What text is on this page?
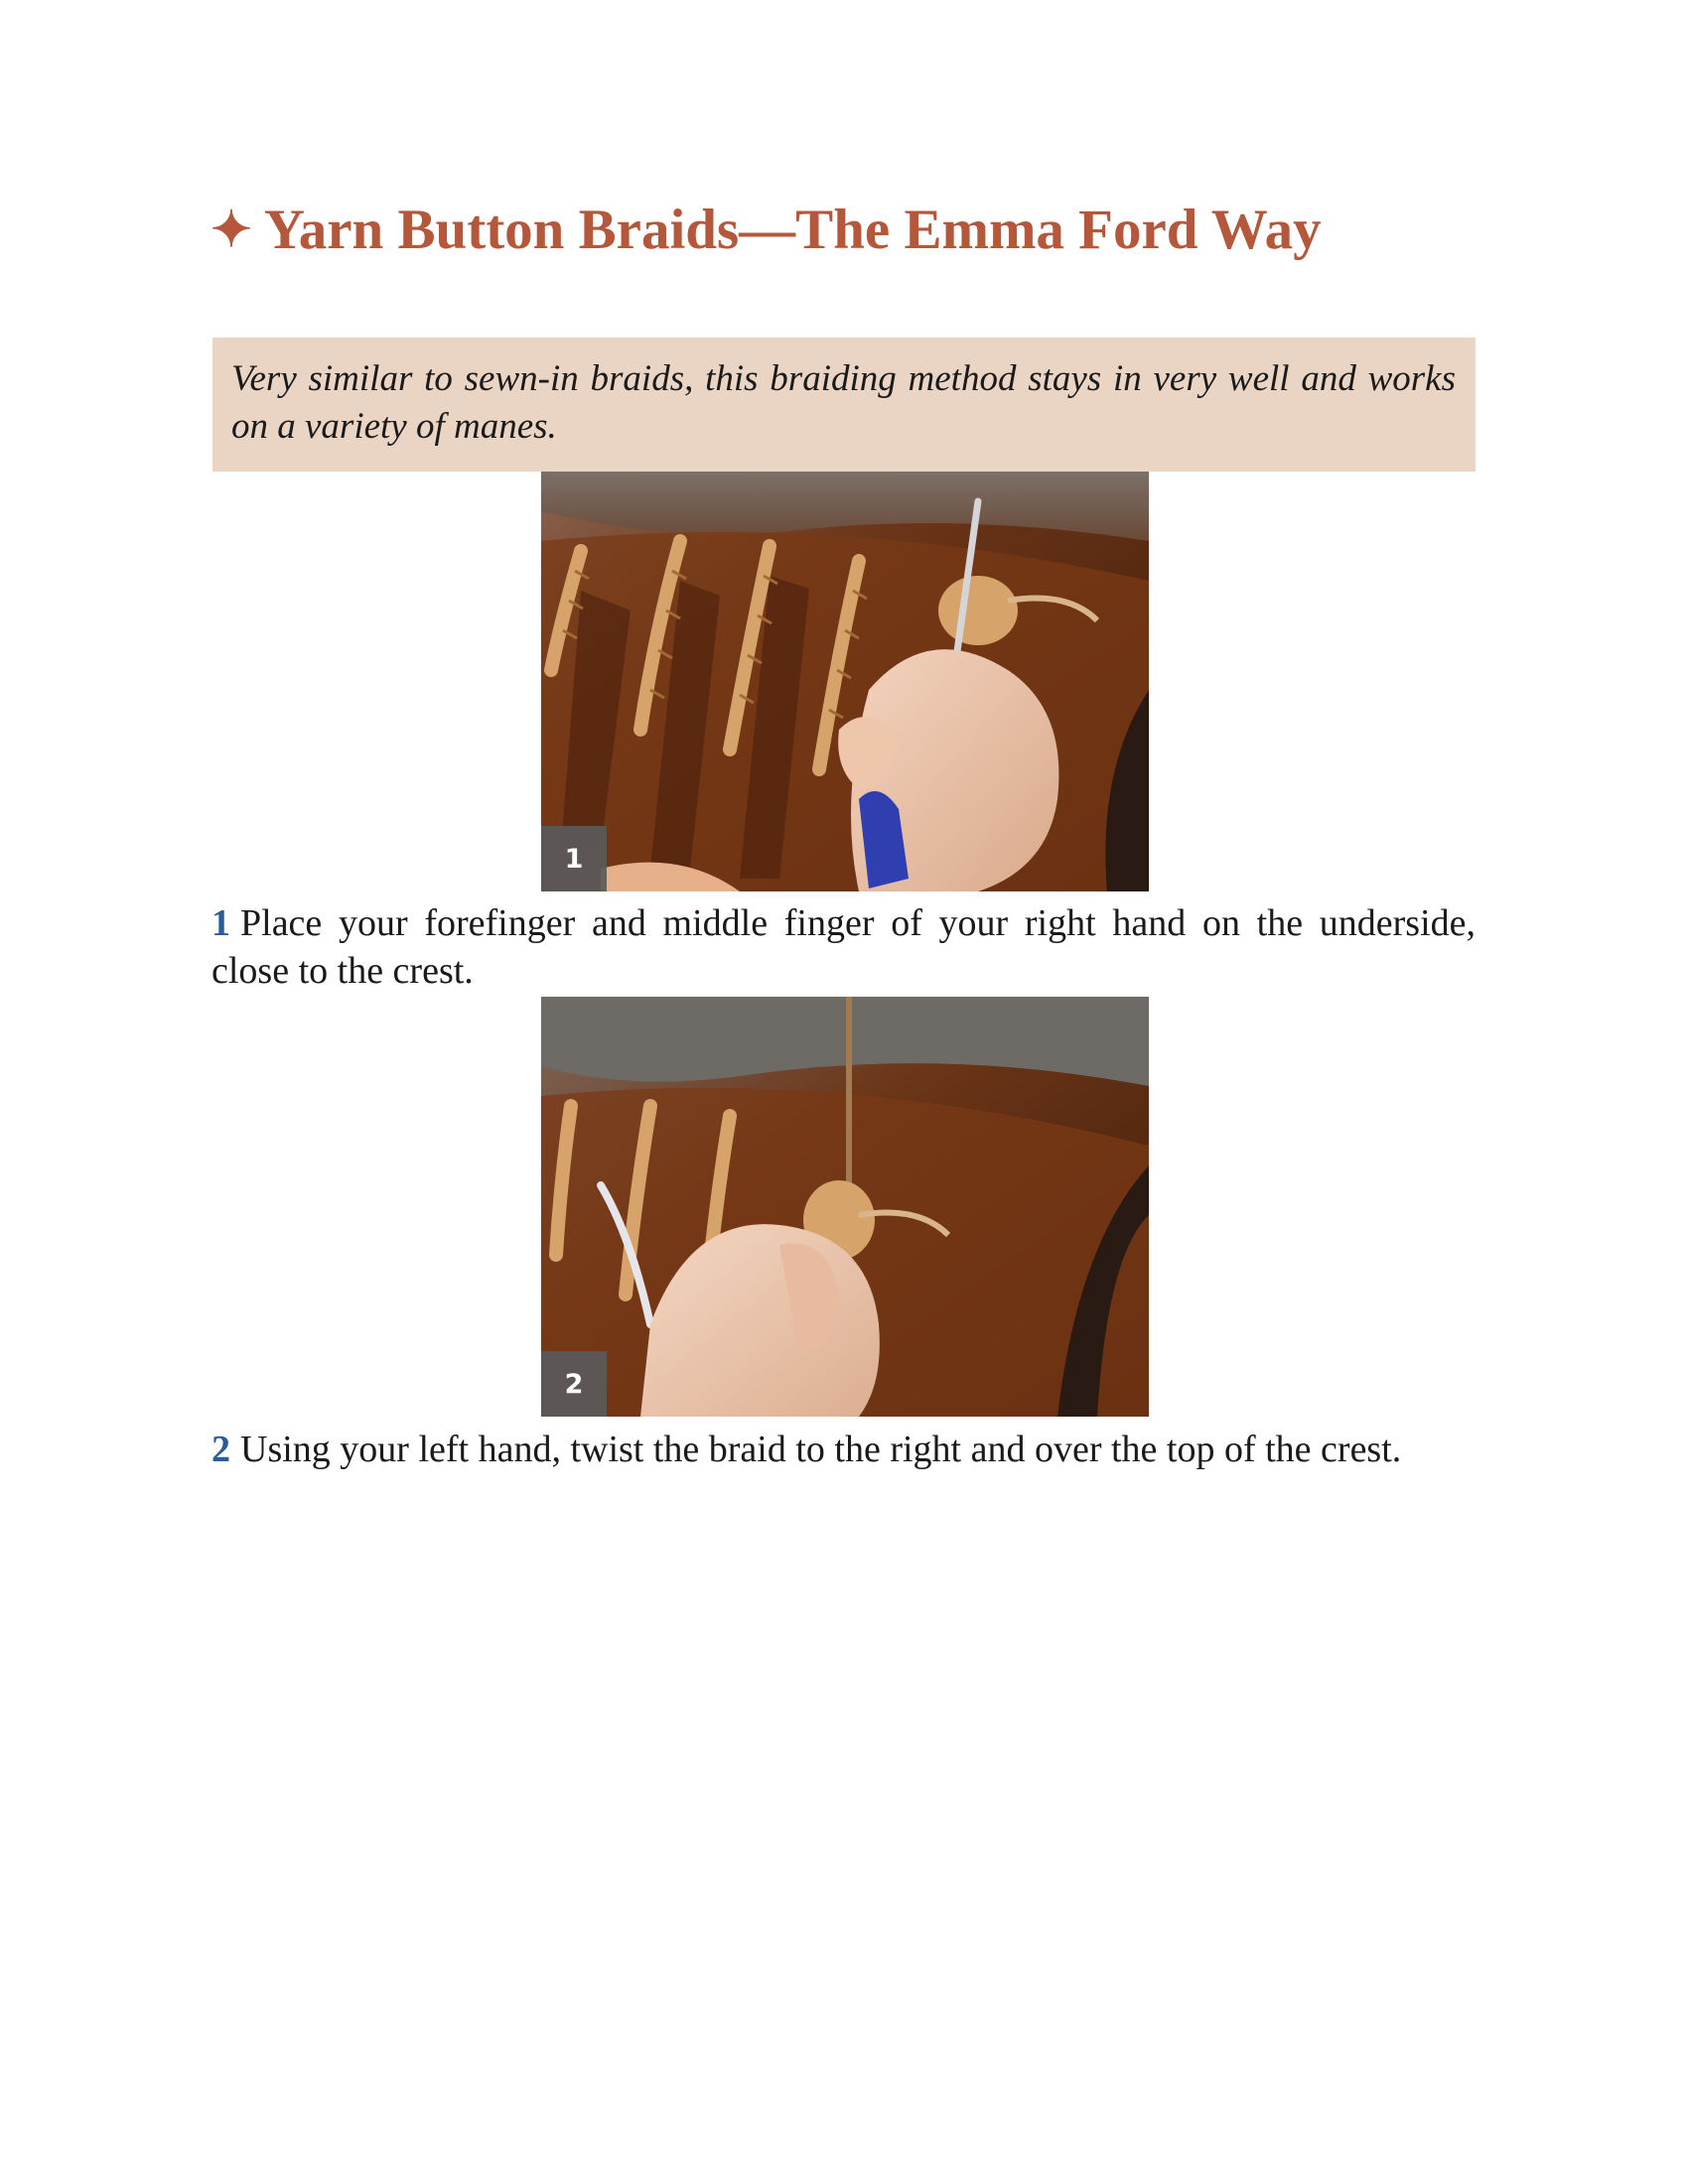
✦ Yarn Button Braids—The Emma Ford Way
Very similar to sewn-in braids, this braiding method stays in very well and works on a variety of manes.
1

1 Place your forefinger and middle finger of your right hand on the underside, close to the crest.

2

2 Using your left hand, twist the braid to the right and over the top of the crest.
